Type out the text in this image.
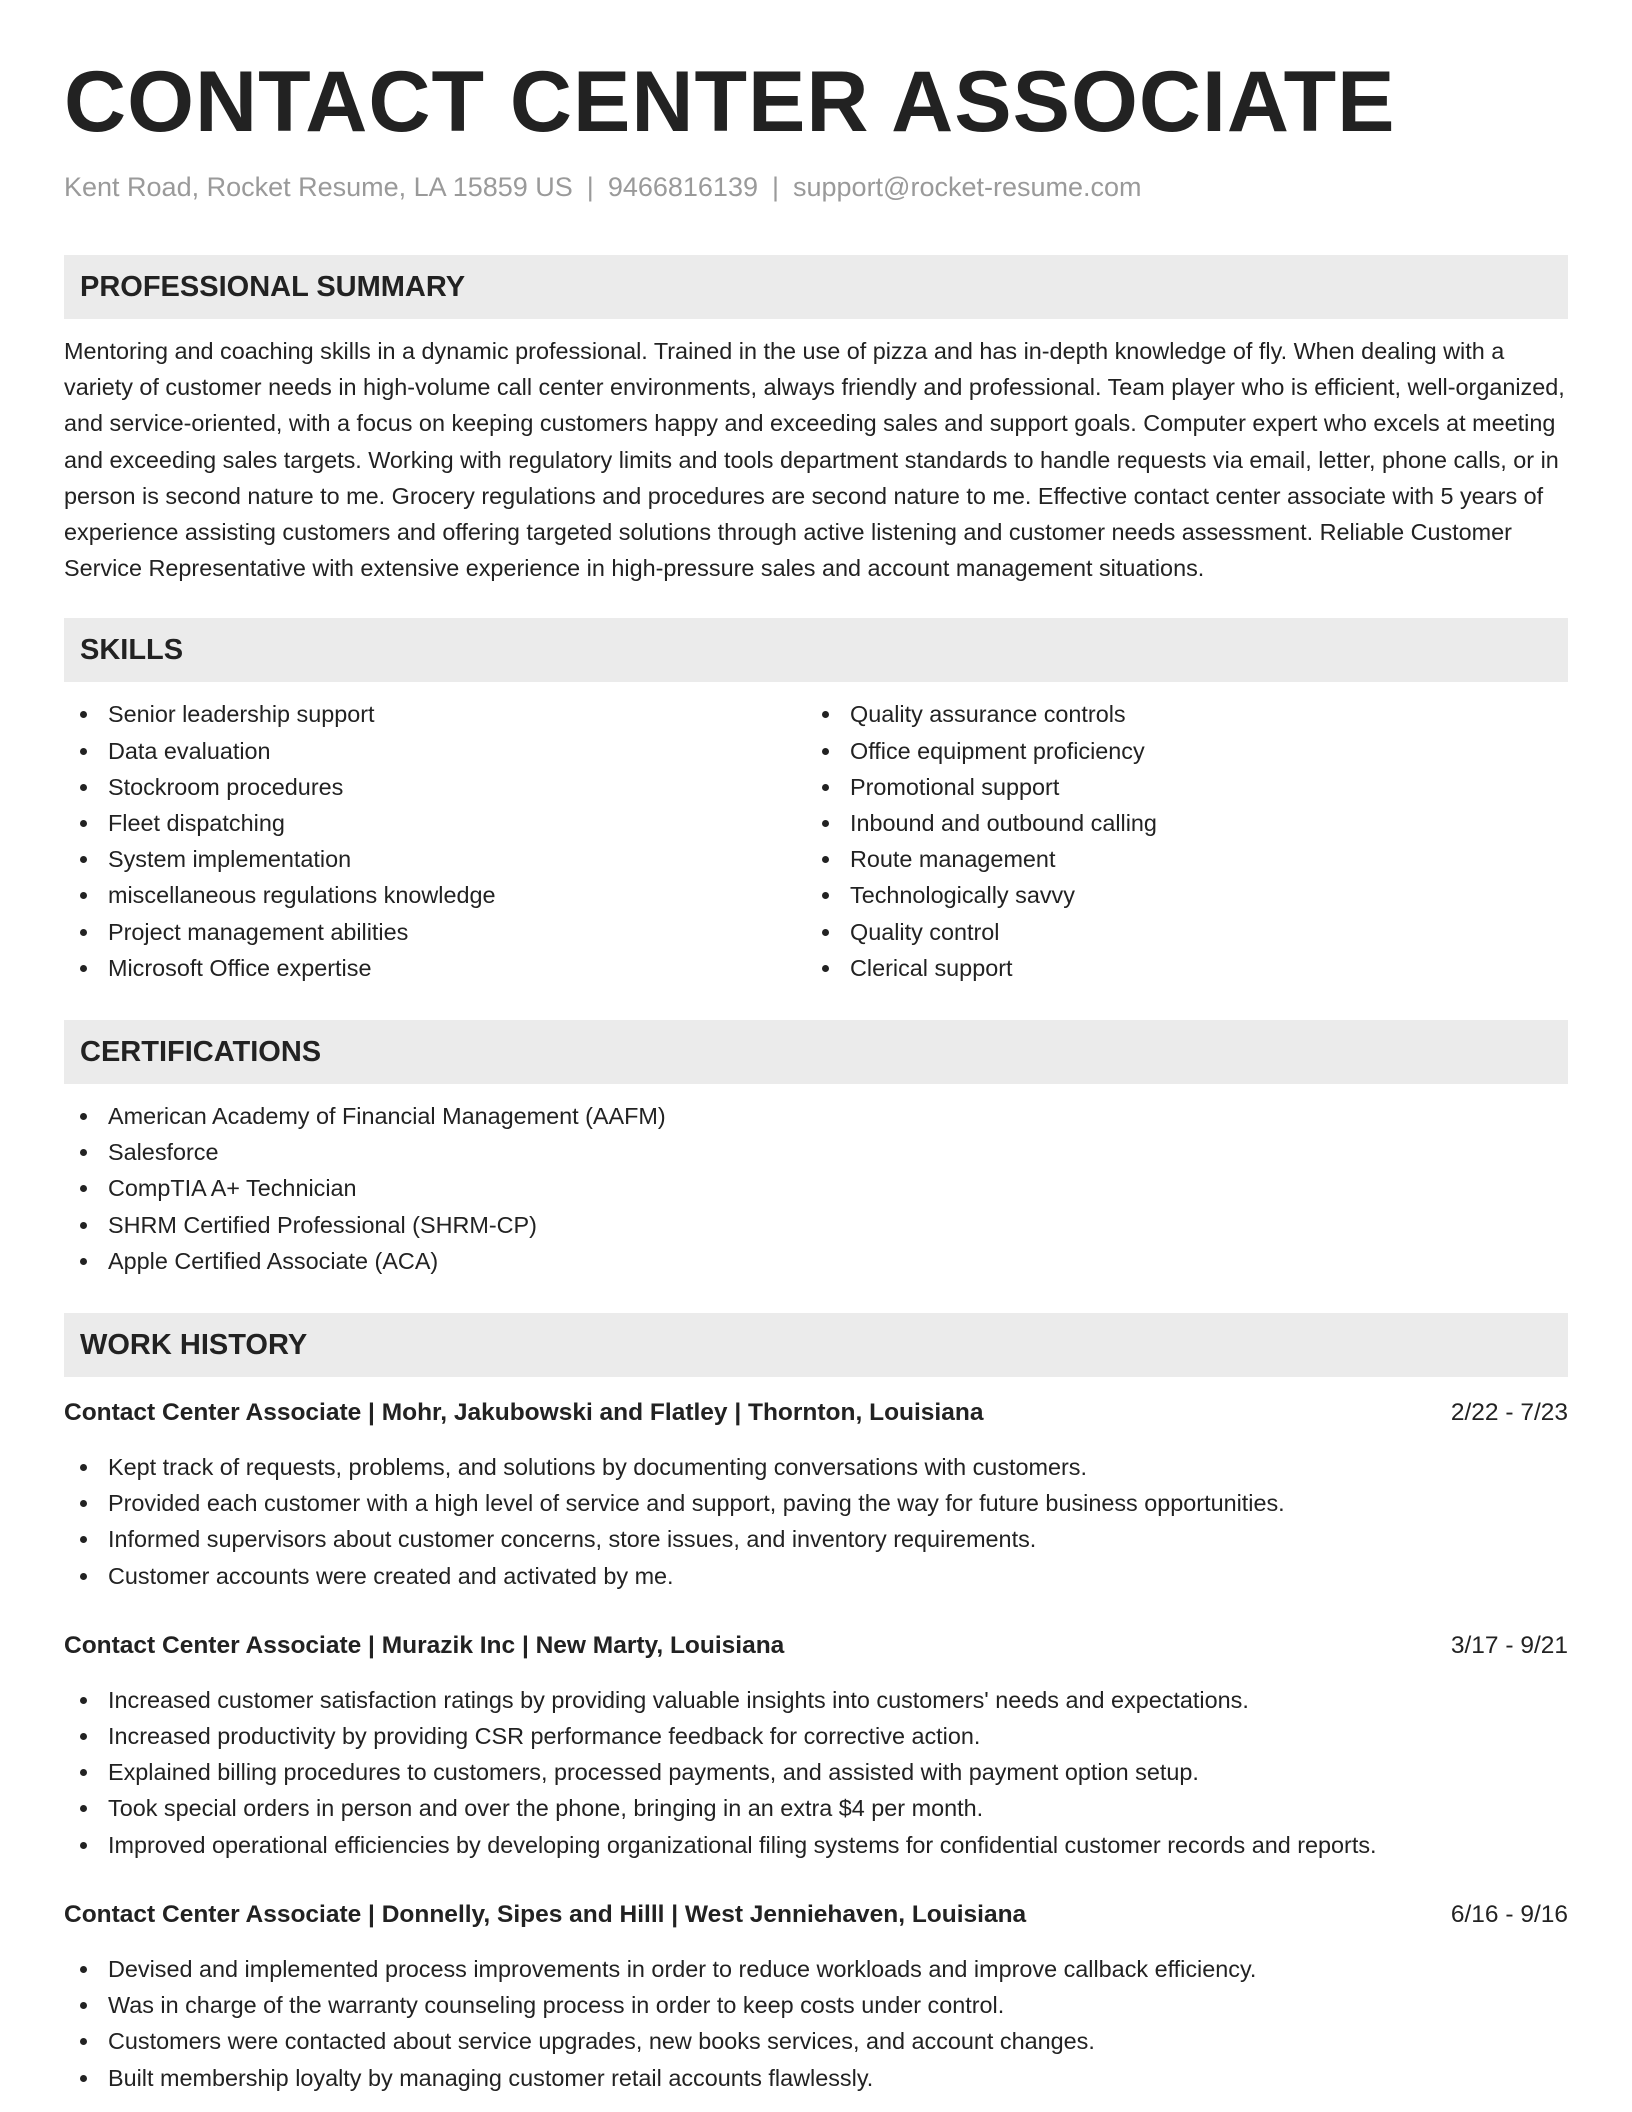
CONTACT CENTER ASSOCIATE
Kent Road, Rocket Resume, LA 15859 US | 9466816139 | support@rocket-resume.com
PROFESSIONAL SUMMARY

Mentoring and coaching skills in a dynamic professional. Trained in the use of pizza and has in-depth knowledge of fly. When dealing with a variety of customer needs in high-volume call center environments, always friendly and professional. Team player who is efficient, well-organized, and service-oriented, with a focus on keeping customers happy and exceeding sales and support goals. Computer expert who excels at meeting and exceeding sales targets. Working with regulatory limits and tools department standards to handle requests via email, letter, phone calls, or in person is second nature to me. Grocery regulations and procedures are second nature to me. Effective contact center associate with 5 years of experience assisting customers and offering targeted solutions through active listening and customer needs assessment. Reliable Customer Service Representative with extensive experience in high-pressure sales and account management situations.

SKILLS
Senior leadership support
Data evaluation
Stockroom procedures
Fleet dispatching
System implementation
miscellaneous regulations knowledge
Project management abilities
Microsoft Office expertise
Quality assurance controls
Office equipment proficiency
Promotional support
Inbound and outbound calling
Route management
Technologically savvy
Quality control
Clerical support
CERTIFICATIONS
American Academy of Financial Management (AAFM)
Salesforce
CompTIA A+ Technician
SHRM Certified Professional (SHRM-CP)
Apple Certified Associate (ACA)
WORK HISTORY
Contact Center Associate | Mohr, Jakubowski and Flatley | Thornton, Louisiana	2/22 - 7/23
Kept track of requests, problems, and solutions by documenting conversations with customers.
Provided each customer with a high level of service and support, paving the way for future business opportunities.
Informed supervisors about customer concerns, store issues, and inventory requirements.
Customer accounts were created and activated by me.
Contact Center Associate | Murazik Inc | New Marty, Louisiana	3/17 - 9/21
Increased customer satisfaction ratings by providing valuable insights into customers' needs and expectations.
Increased productivity by providing CSR performance feedback for corrective action.
Explained billing procedures to customers, processed payments, and assisted with payment option setup.
Took special orders in person and over the phone, bringing in an extra $4 per month.
Improved operational efficiencies by developing organizational filing systems for confidential customer records and reports.
Contact Center Associate | Donnelly, Sipes and Hilll | West Jenniehaven, Louisiana	6/16 - 9/16
Devised and implemented process improvements in order to reduce workloads and improve callback efficiency.
Was in charge of the warranty counseling process in order to keep costs under control.
Customers were contacted about service upgrades, new books services, and account changes.
Built membership loyalty by managing customer retail accounts flawlessly.
